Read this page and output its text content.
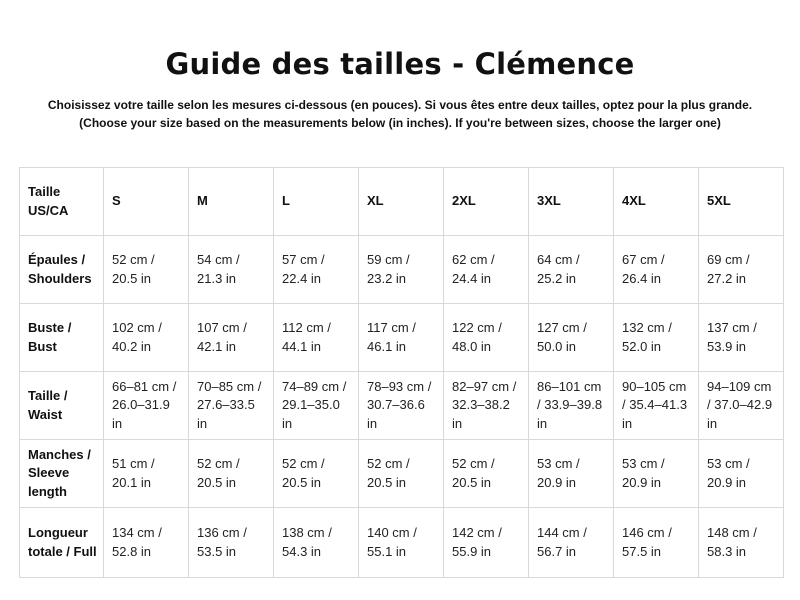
Guide des tailles - Clémence
Choisissez votre taille selon les mesures ci-dessous (en pouces). Si vous êtes entre deux tailles, optez pour la plus grande.
(Choose your size based on the measurements below (in inches). If you're between sizes, choose the larger one)
Taille US/CA	S	M	L	XL	2XL	3XL	4XL	5XL
Épaules / Shoulders	52 cm / 20.5 in	54 cm / 21.3 in	57 cm / 22.4 in	59 cm / 23.2 in	62 cm / 24.4 in	64 cm / 25.2 in	67 cm / 26.4 in	69 cm / 27.2 in
Buste / Bust	102 cm / 40.2 in	107 cm / 42.1 in	112 cm / 44.1 in	117 cm / 46.1 in	122 cm / 48.0 in	127 cm / 50.0 in	132 cm / 52.0 in	137 cm / 53.9 in
Taille / Waist	66–81 cm / 26.0–31.9 in	70–85 cm / 27.6–33.5 in	74–89 cm / 29.1–35.0 in	78–93 cm / 30.7–36.6 in	82–97 cm / 32.3–38.2 in	86–101 cm / 33.9–39.8 in	90–105 cm / 35.4–41.3 in	94–109 cm / 37.0–42.9 in
Manches / Sleeve length	51 cm / 20.1 in	52 cm / 20.5 in	52 cm / 20.5 in	52 cm / 20.5 in	52 cm / 20.5 in	53 cm / 20.9 in	53 cm / 20.9 in	53 cm / 20.9 in
Longueur totale / Full	134 cm / 52.8 in	136 cm / 53.5 in	138 cm / 54.3 in	140 cm / 55.1 in	142 cm / 55.9 in	144 cm / 56.7 in	146 cm / 57.5 in	148 cm / 58.3 in
